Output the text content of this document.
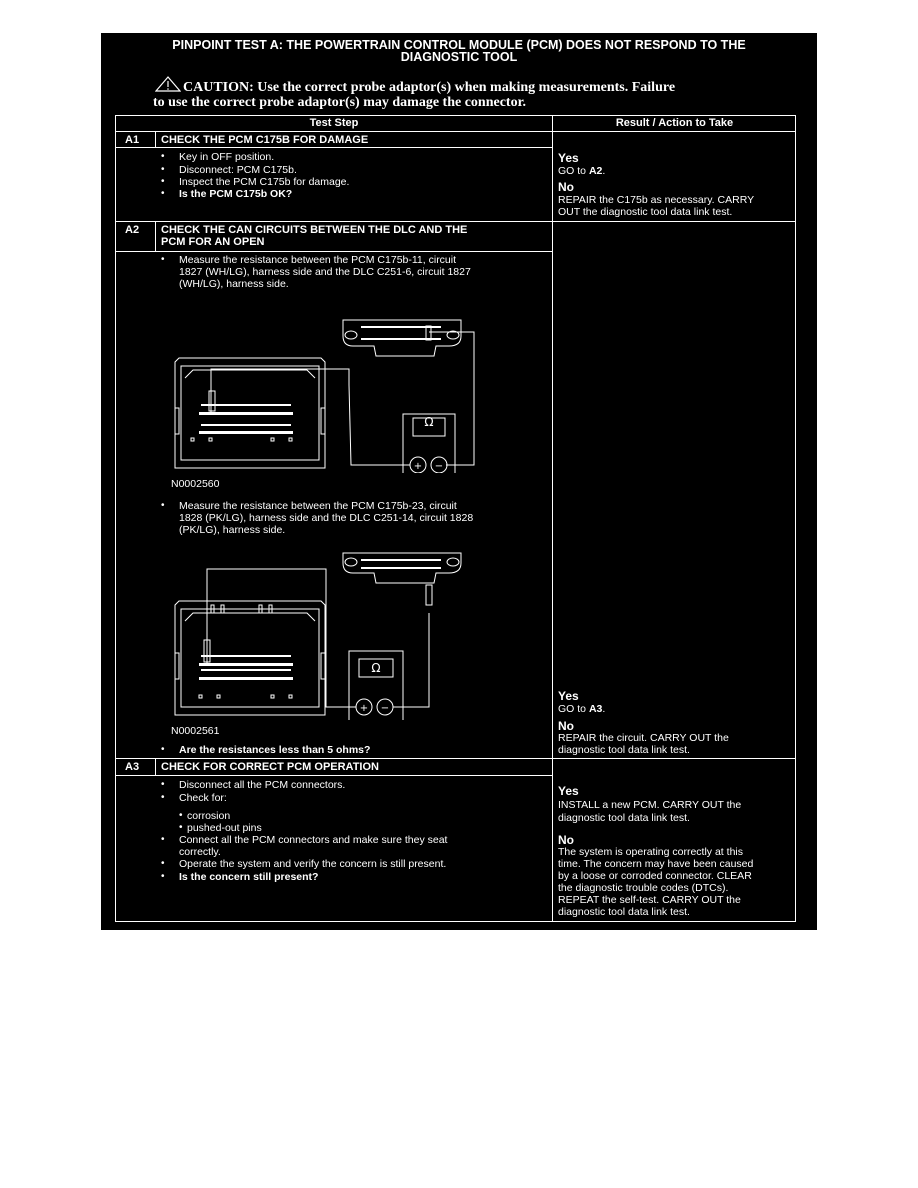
PINPOINT TEST A: THE POWERTRAIN CONTROL MODULE (PCM) DOES NOT RESPOND TO THE
DIAGNOSTIC TOOL
CAUTION: Use the correct probe adaptor(s) when making measurements. Failure
to use the correct probe adaptor(s) may damage the connector.
Test Step	Result / Action to Take
A1 CHECK THE PCM C175B FOR DAMAGE
• Key in OFF position.
• Disconnect: PCM C175b.
• Inspect the PCM C175b for damage.
• Is the PCM C175b OK?
Yes
GO to A2.
No
REPAIR the C175b as necessary. CARRY
OUT the diagnostic tool data link test.
A2 CHECK THE CAN CIRCUITS BETWEEN THE DLC AND THE
PCM FOR AN OPEN
• Measure the resistance between the PCM C175b-11, circuit
1827 (WH/LG), harness side and the DLC C251-6, circuit 1827
(WH/LG), harness side.
Ω
+ −
N0002560
• Measure the resistance between the PCM C175b-23, circuit
1828 (PK/LG), harness side and the DLC C251-14, circuit 1828
(PK/LG), harness side.
Ω
+ −
N0002561
• Are the resistances less than 5 ohms?
Yes
GO to A3.
No
REPAIR the circuit. CARRY OUT the
diagnostic tool data link test.
A3 CHECK FOR CORRECT PCM OPERATION
• Disconnect all the PCM connectors.
• Check for:
• corrosion
• pushed-out pins
• Connect all the PCM connectors and make sure they seat
correctly.
• Operate the system and verify the concern is still present.
• Is the concern still present?
Yes
INSTALL a new PCM. CARRY OUT the
diagnostic tool data link test.
No
The system is operating correctly at this
time. The concern may have been caused
by a loose or corroded connector. CLEAR
the diagnostic trouble codes (DTCs).
REPEAT the self-test. CARRY OUT the
diagnostic tool data link test.
